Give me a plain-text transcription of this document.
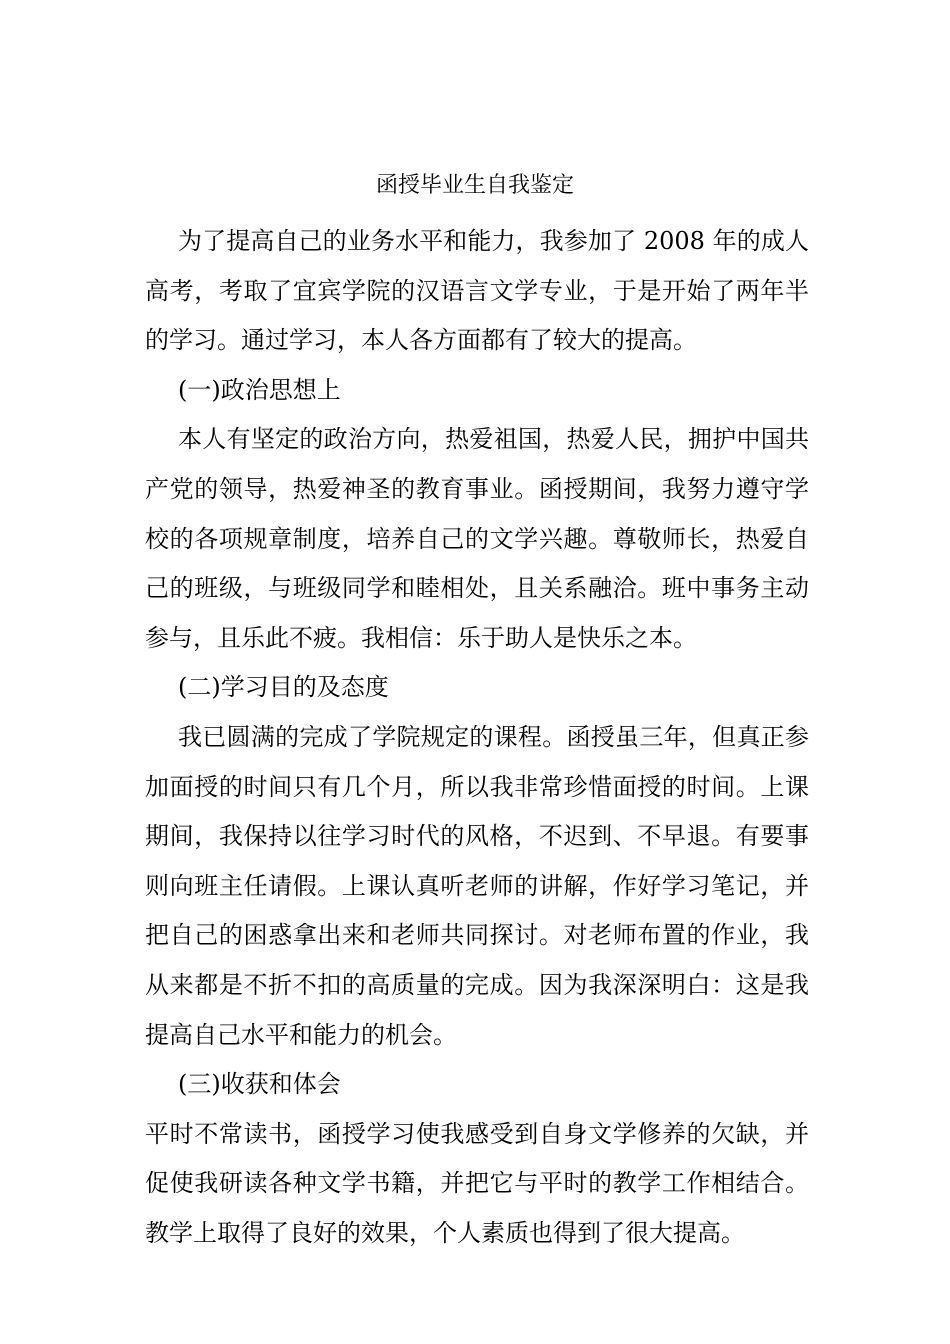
函授毕业生自我鉴定

为了提高自己的业务水平和能力，我参加了 2008 年的成人高考，考取了宜宾学院的汉语言文学专业，于是开始了两年半的学习。通过学习，本人各方面都有了较大的提高。

(一)政治思想上

本人有坚定的政治方向，热爱祖国，热爱人民，拥护中国共产党的领导，热爱神圣的教育事业。函授期间，我努力遵守学校的各项规章制度，培养自己的文学兴趣。尊敬师长，热爱自己的班级，与班级同学和睦相处，且关系融洽。班中事务主动参与，且乐此不疲。我相信：乐于助人是快乐之本。

(二)学习目的及态度

我已圆满的完成了学院规定的课程。函授虽三年，但真正参加面授的时间只有几个月，所以我非常珍惜面授的时间。上课期间，我保持以往学习时代的风格，不迟到、不早退。有要事则向班主任请假。上课认真听老师的讲解，作好学习笔记，并把自己的困惑拿出来和老师共同探讨。对老师布置的作业，我从来都是不折不扣的高质量的完成。因为我深深明白：这是我提高自己水平和能力的机会。

(三)收获和体会

平时不常读书，函授学习使我感受到自身文学修养的欠缺，并促使我研读各种文学书籍，并把它与平时的教学工作相结合。教学上取得了良好的效果，个人素质也得到了很大提高。
